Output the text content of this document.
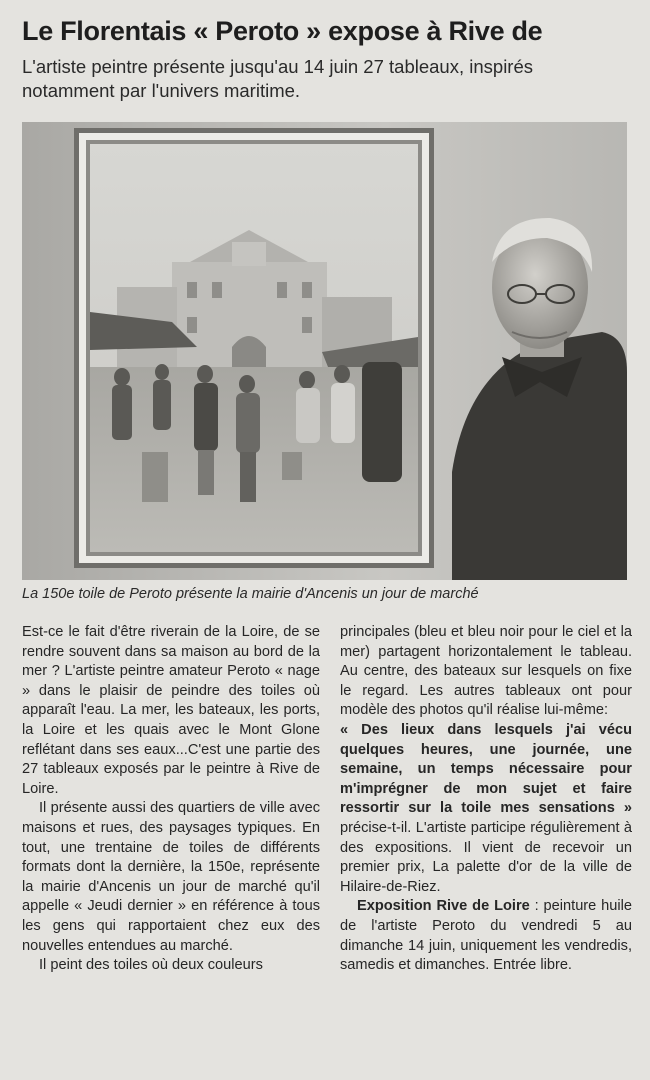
Le Florentais « Peroto » expose à Rive de
L'artiste peintre présente jusqu'au 14 juin 27 tableaux, inspirés notamment par l'univers maritime.
La 150e toile de Peroto présente la mairie d'Ancenis un jour de marché

Est-ce le fait d'être riverain de la Loire, de se rendre souvent dans sa maison au bord de la mer ? L'artiste peintre amateur Peroto « nage » dans le plaisir de peindre des toiles où apparaît l'eau. La mer, les bateaux, les ports, la Loire et les quais avec le Mont Glone reflétant dans ses eaux...C'est une partie des 27 tableaux exposés par le peintre à Rive de Loire.

Il présente aussi des quartiers de ville avec maisons et rues, des paysages typiques. En tout, une trentaine de toiles de différents formats dont la dernière, la 150e, représente la mairie d'Ancenis un jour de marché qu'il appelle « Jeudi dernier » en référence à tous les gens qui rapportaient chez eux des nouvelles entendues au marché.

Il peint des toiles où deux couleurs

principales (bleu et bleu noir pour le ciel et la mer) partagent horizontalement le tableau. Au centre, des bateaux sur lesquels on fixe le regard. Les autres tableaux ont pour modèle des photos qu'il réalise lui-même:
« Des lieux dans lesquels j'ai vécu quelques heures, une journée, une semaine, un temps nécessaire pour m'imprégner de mon sujet et faire ressortir sur la toile mes sensations » précise-t-il. L'artiste participe régulièrement à des expositions. Il vient de recevoir un premier prix, La palette d'or de la ville de Hilaire-de-Riez.

Exposition Rive de Loire : peinture huile de l'artiste Peroto du vendredi 5 au dimanche 14 juin, uniquement les vendredis, samedis et dimanches. Entrée libre.
